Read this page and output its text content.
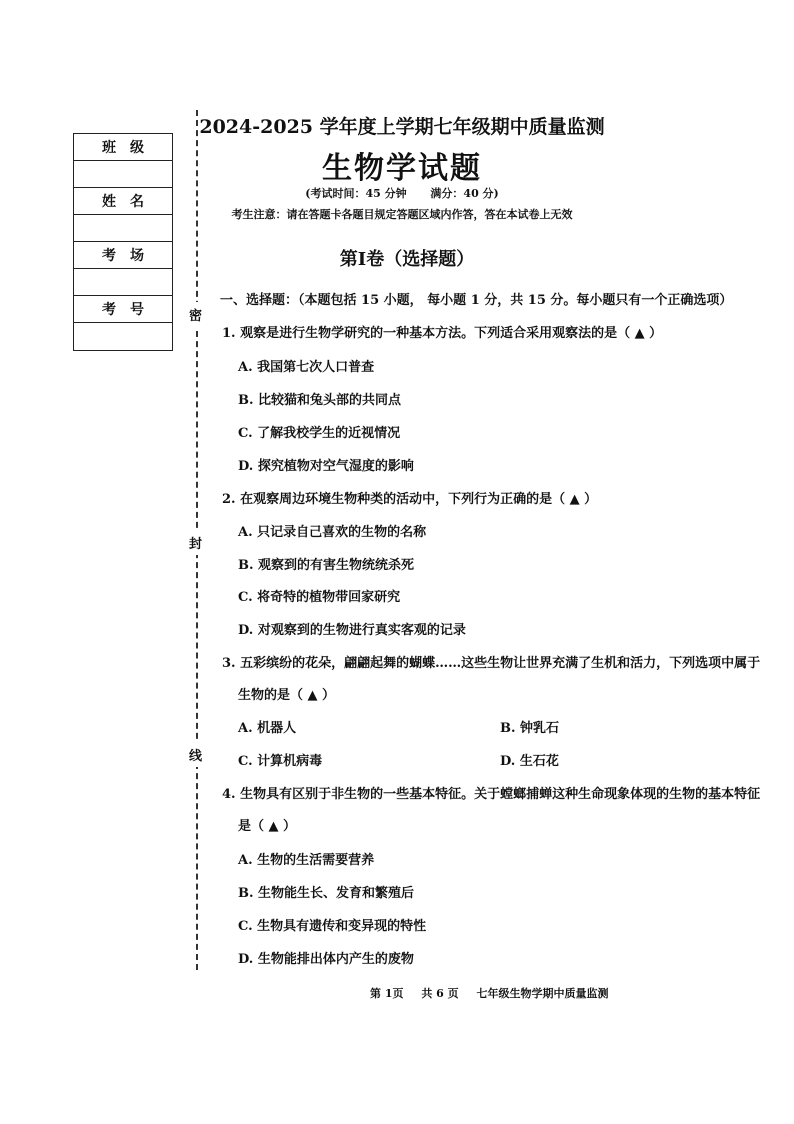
班级
姓名
考场
考号	密
封
线
2024-2025 学年度上学期七年级期中质量监测
生物学试题
(考试时间：45 分钟 满分：40 分)
考生注意：请在答题卡各题目规定答题区域内作答，答在本试卷上无效
第Ⅰ卷（选择题）
一、选择题：（本题包括 15 小题， 每小题 1 分，共 15 分。每小题只有一个正确选项）
1. 观察是进行生物学研究的一种基本方法。下列适合采用观察法的是（ ▲ ）
A. 我国第七次人口普查
B. 比较猫和兔头部的共同点
C. 了解我校学生的近视情况
D. 探究植物对空气湿度的影响
2. 在观察周边环境生物种类的活动中，下列行为正确的是（ ▲ ）
A. 只记录自己喜欢的生物的名称
B. 观察到的有害生物统统杀死
C. 将奇特的植物带回家研究
D. 对观察到的生物进行真实客观的记录
3. 五彩缤纷的花朵，翩翩起舞的蝴蝶……这些生物让世界充满了生机和活力，下列选项中属于
生物的是（ ▲ ）
A. 机器人	B. 钟乳石
C. 计算机病毒	D. 生石花
4. 生物具有区别于非生物的一些基本特征。关于螳螂捕蝉这种生命现象体现的生物的基本特征
是（ ▲ ）
A. 生物的生活需要营养
B. 生物能生长、发育和繁殖后
C. 生物具有遗传和变异现的特性
D. 生物能排出体内产生的废物
第 1页 共 6 页 七年级生物学期中质量监测
